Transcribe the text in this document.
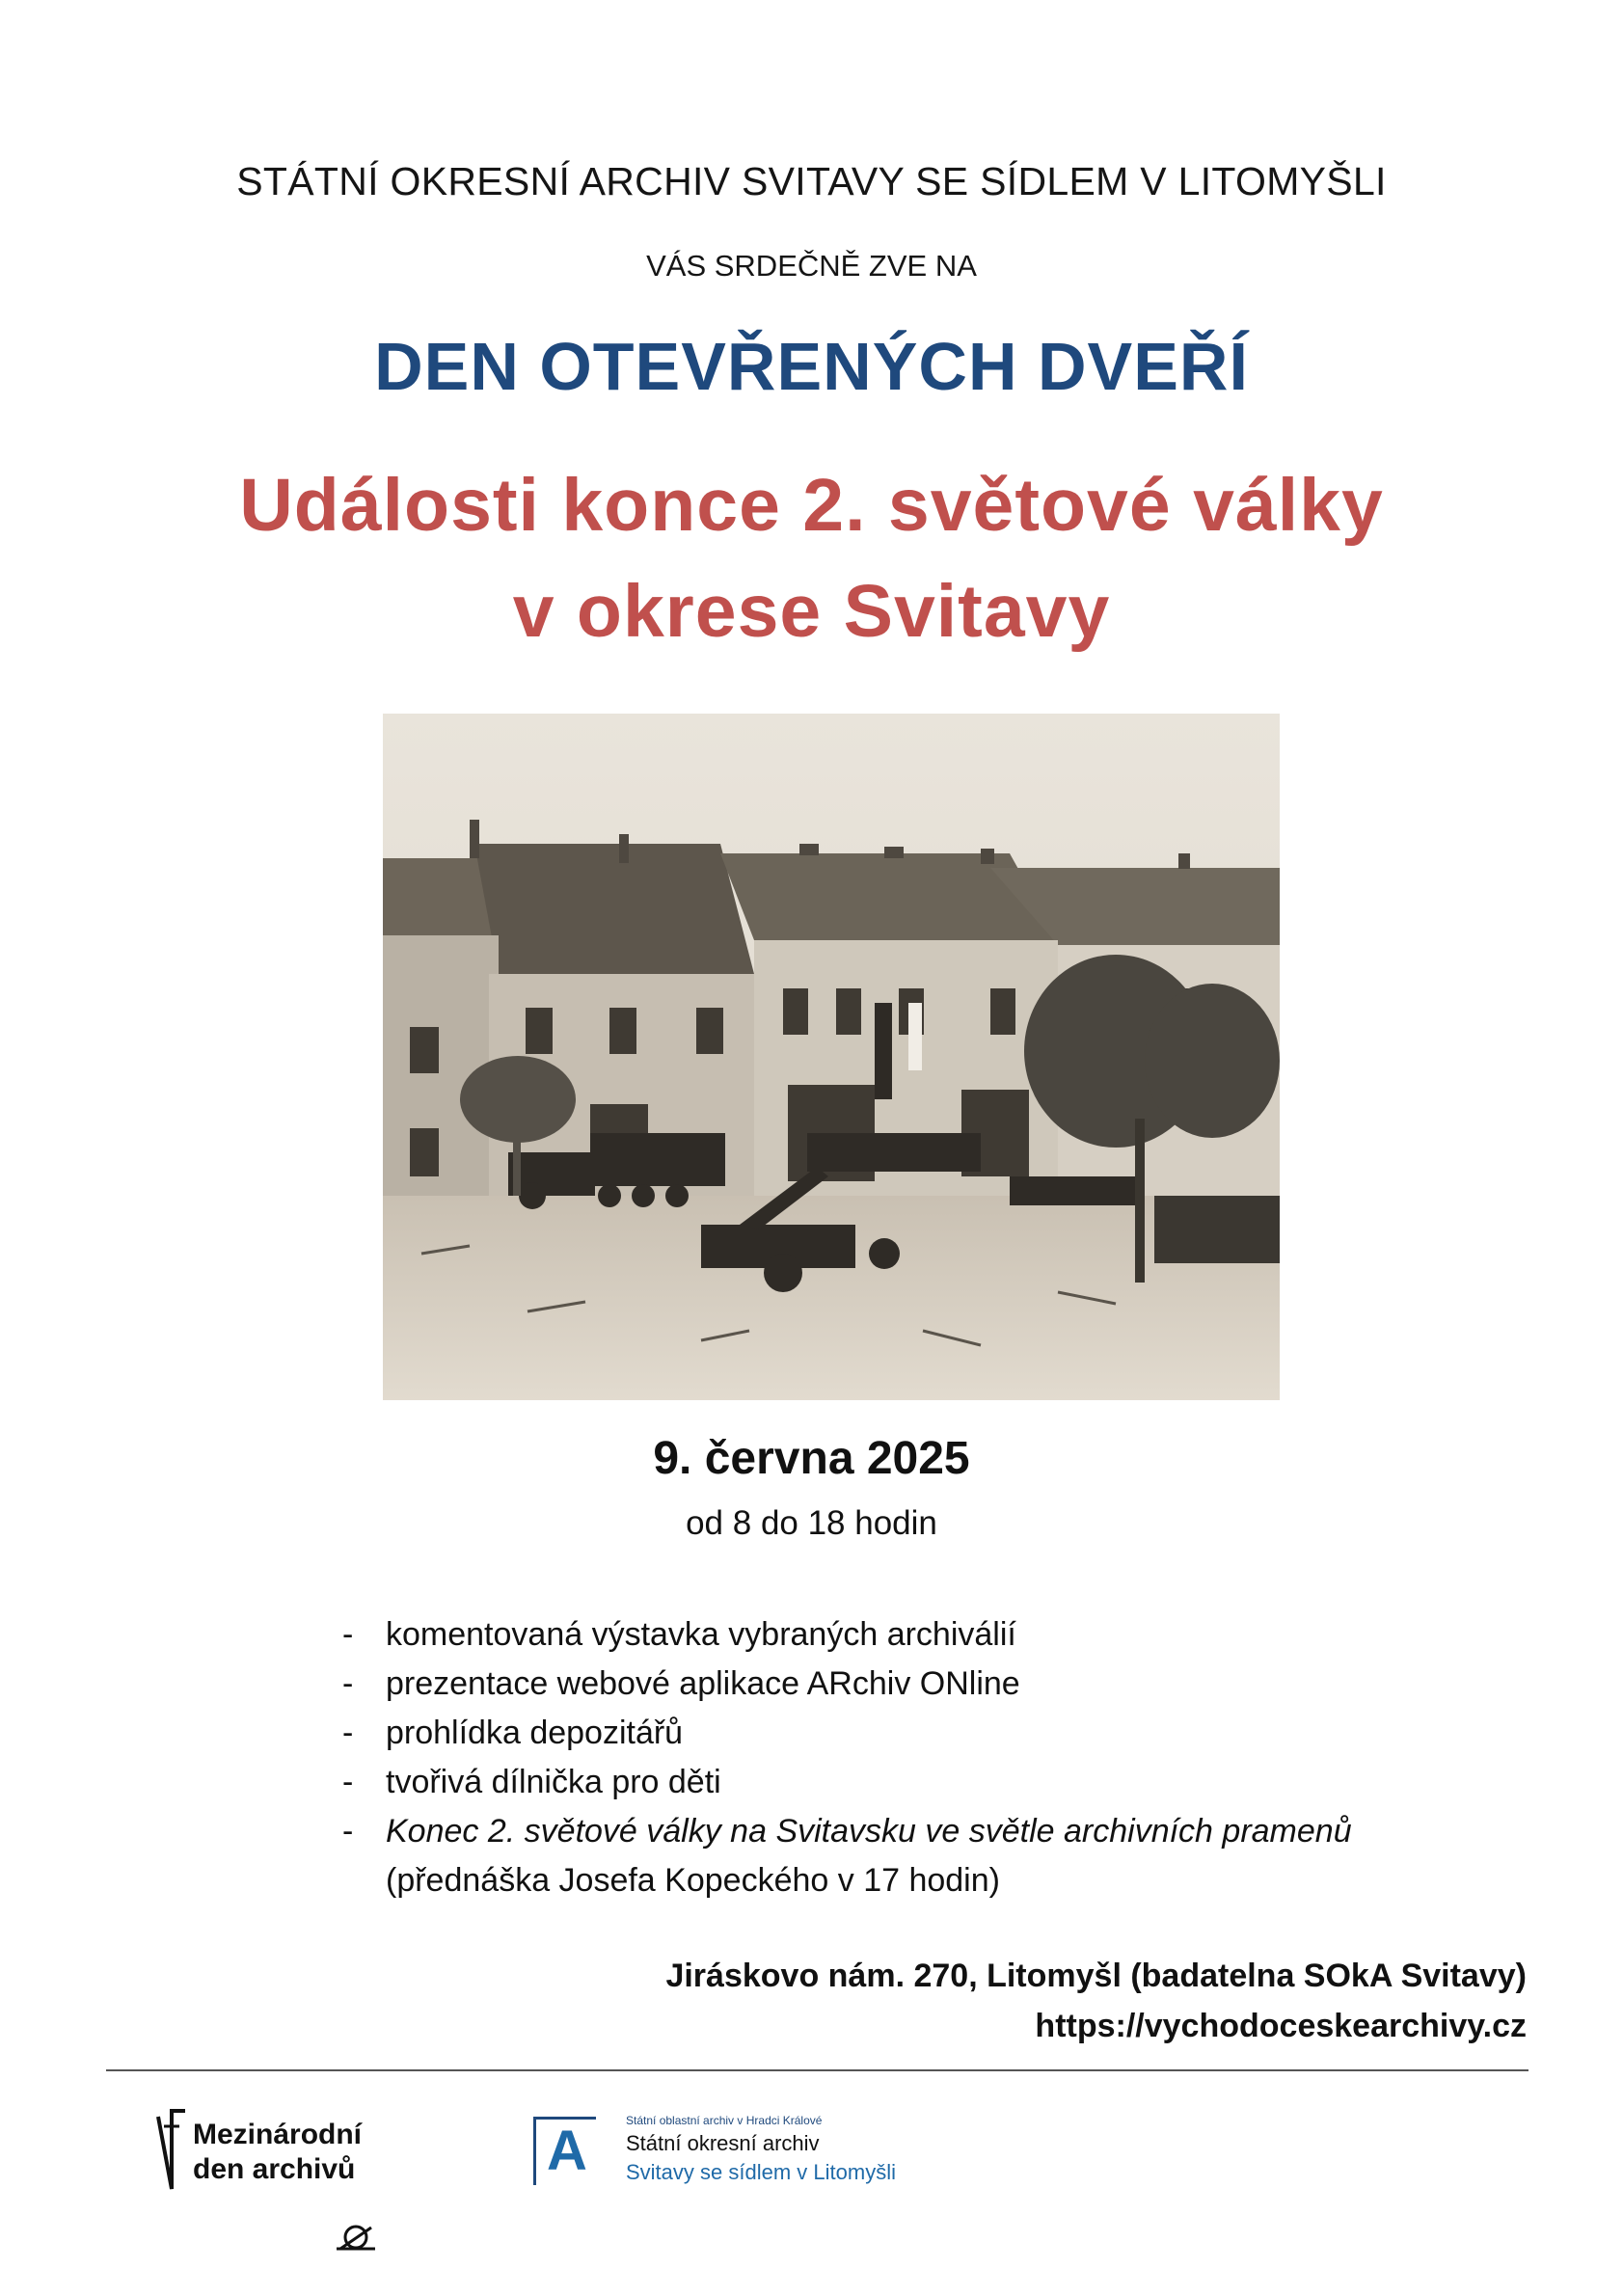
STÁTNÍ OKRESNÍ ARCHIV SVITAVY SE SÍDLEM V LITOMYŠLI
VÁS SRDEČNĚ ZVE NA
DEN OTEVŘENÝCH DVEŘÍ
Události konce 2. světové války
v okrese Svitavy
9. června 2025
od 8 do 18 hodin
- komentovaná výstavka vybraných archiválií
- prezentace webové aplikace ARchiv ONline
- prohlídka depozitářů
- tvořivá dílnička pro děti
- Konec 2. světové války na Svitavsku ve světle archivních pramenů
(přednáška Josefa Kopeckého v 17 hodin)
Jiráskovo nám. 270, Litomyšl (badatelna SOkA Svitavy)
https://vychodoceskearchivy.cz
Mezinárodní
den archivů	A	Státní oblastní archiv v Hradci Králové
Státní okresní archiv
Svitavy se sídlem v Litomyšli
